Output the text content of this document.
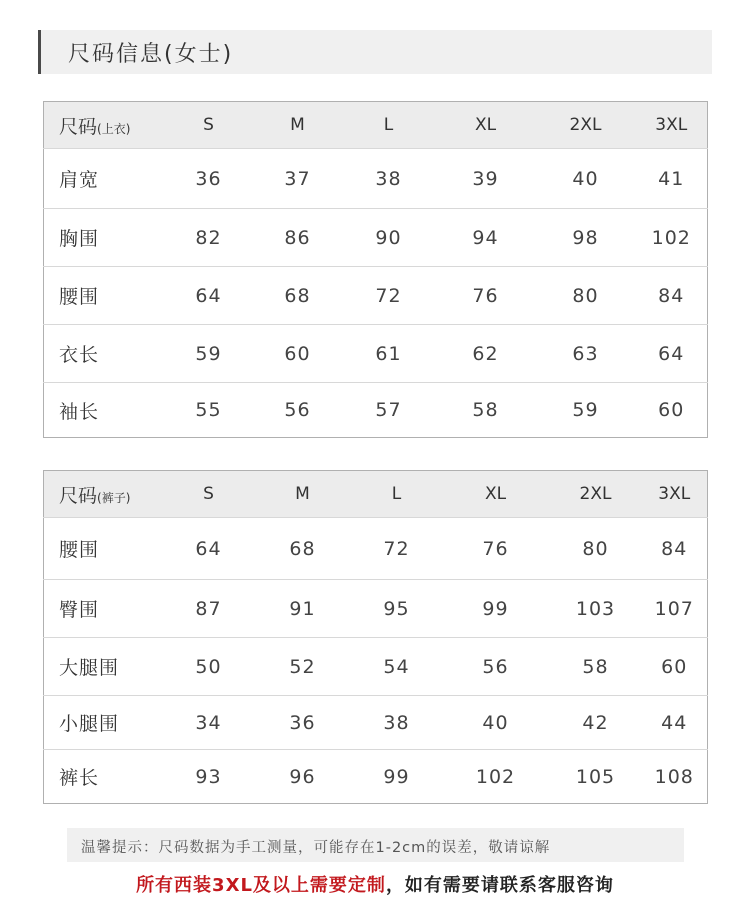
尺码信息(女士)
尺码(上衣)	S	M	L	XL	2XL	3XL
肩宽	36	37	38	39	40	41
胸围	82	86	90	94	98	102
腰围	64	68	72	76	80	84
衣长	59	60	61	62	63	64
袖长	55	56	57	58	59	60
尺码(裤子)	S	M	L	XL	2XL	3XL
腰围	64	68	72	76	80	84
臀围	87	91	95	99	103	107
大腿围	50	52	54	56	58	60
小腿围	34	36	38	40	42	44
裤长	93	96	99	102	105	108
温馨提示：尺码数据为手工测量，可能存在1-2cm的误差，敬请谅解
所有西装3XL及以上需要定制，如有需要请联系客服咨询
